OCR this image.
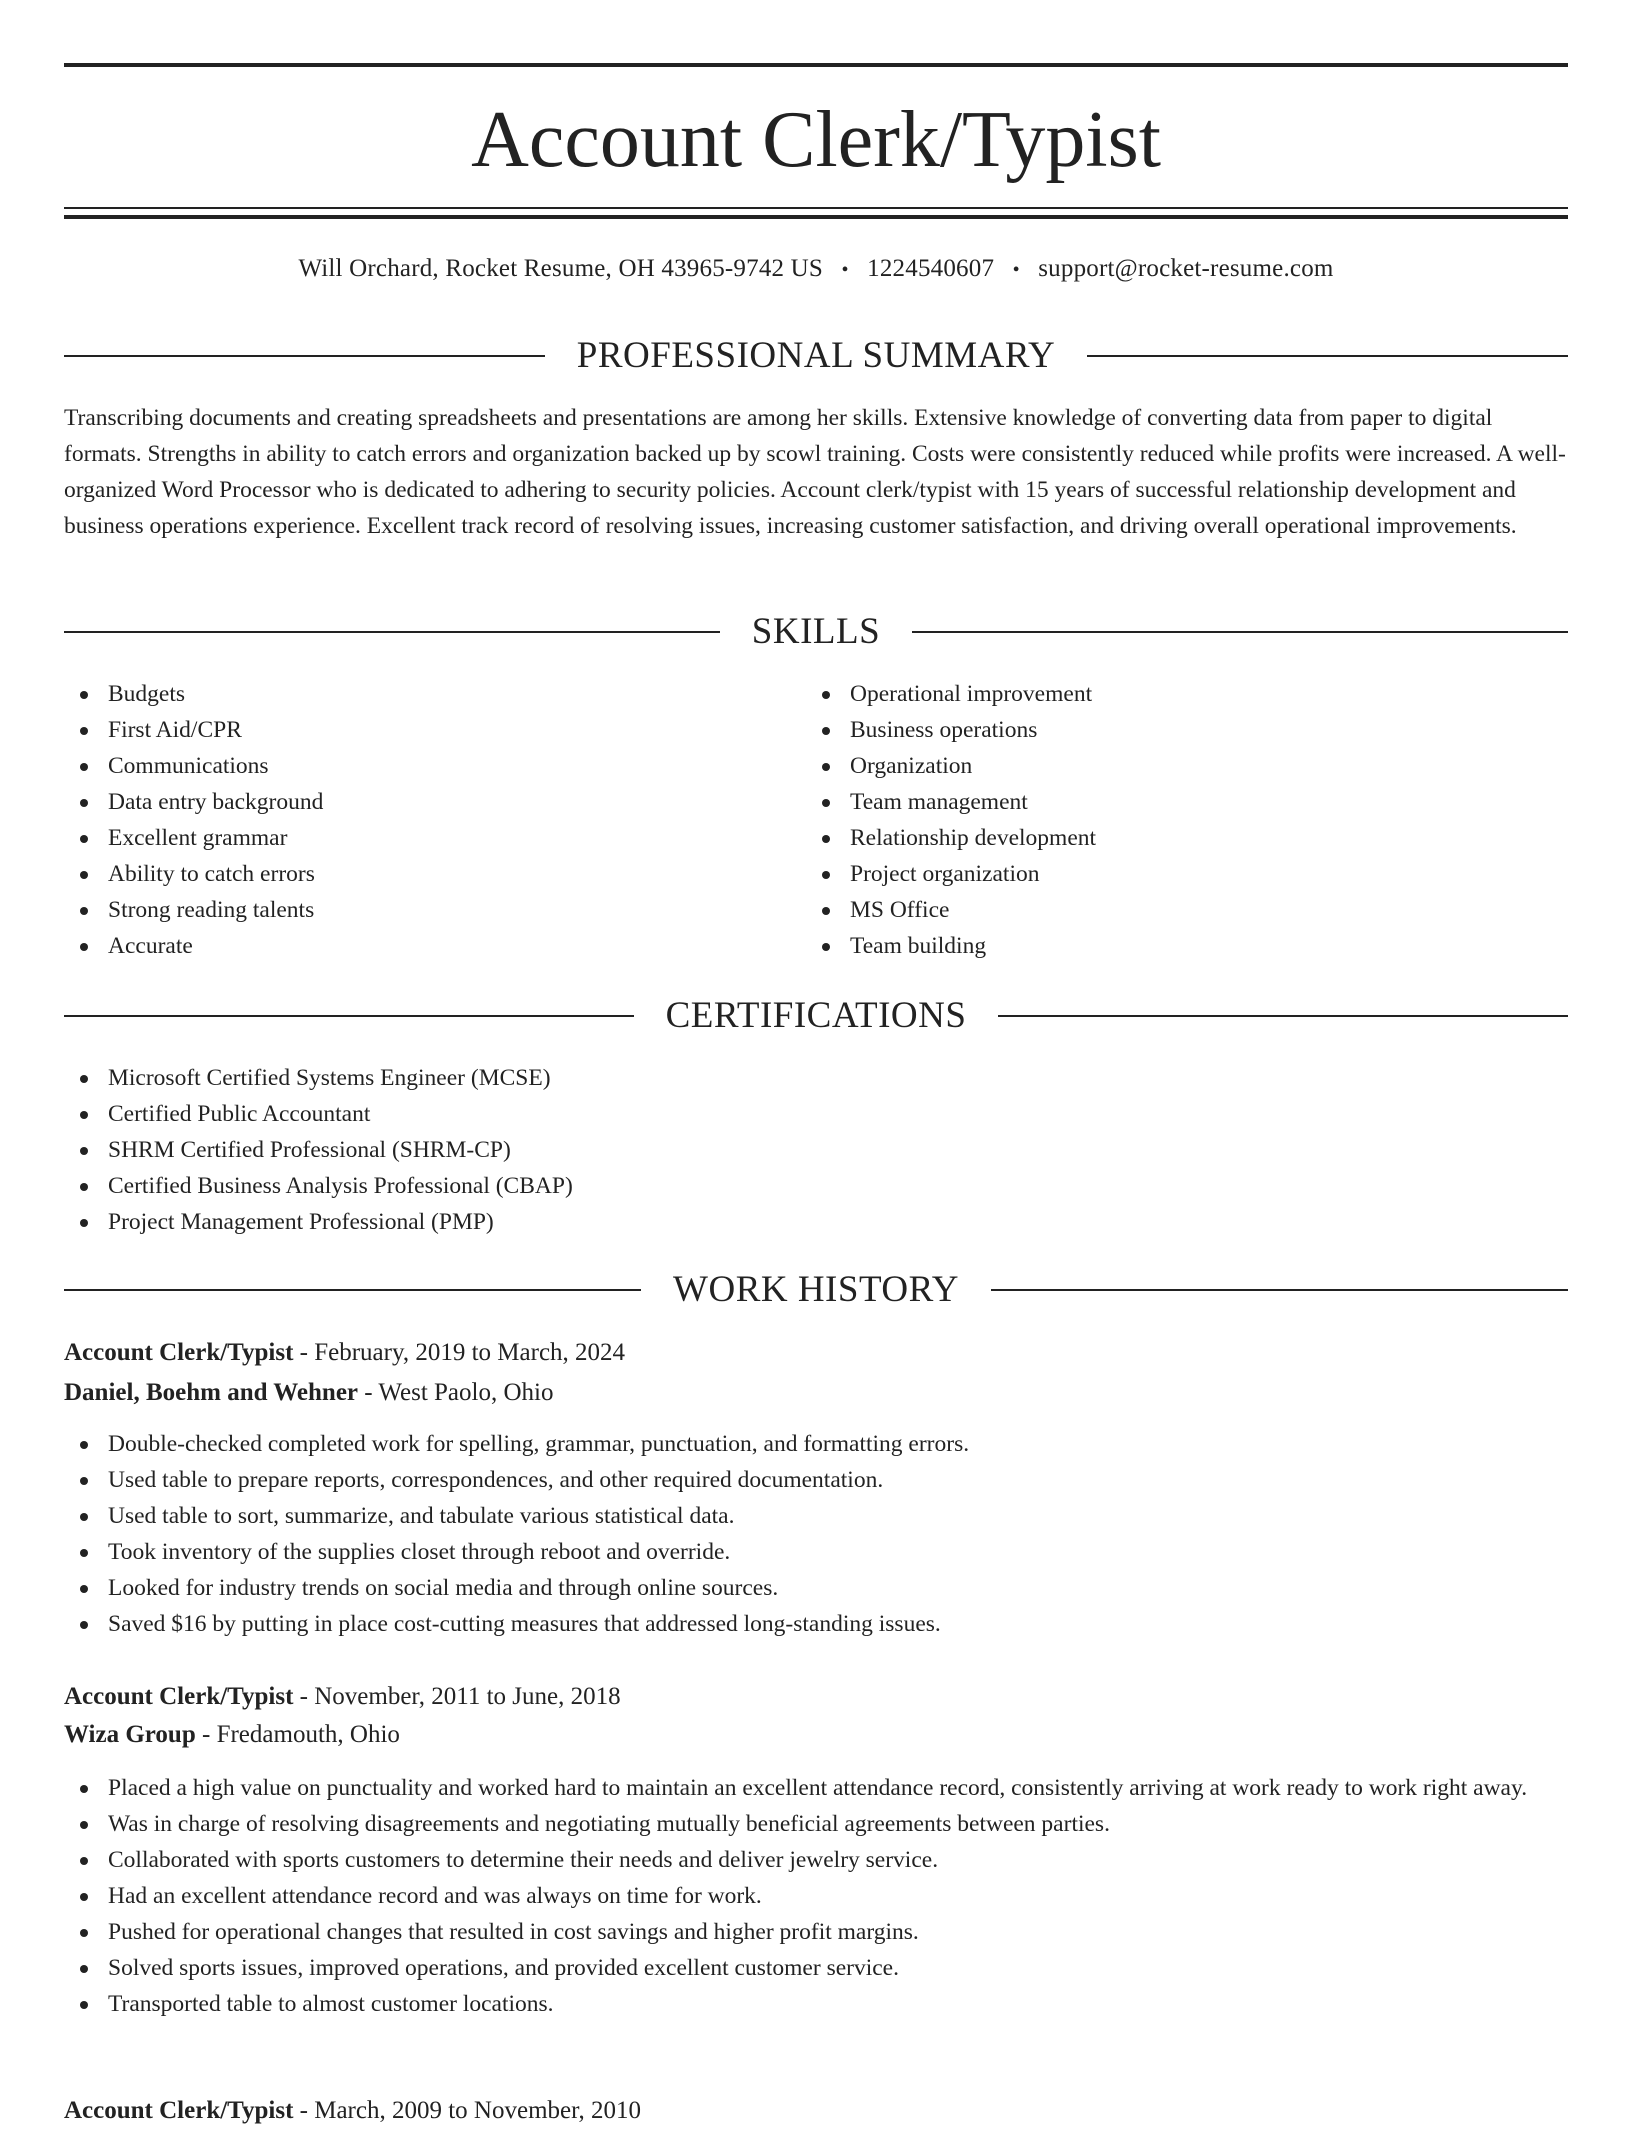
Account Clerk/Typist
Will Orchard, Rocket Resume, OH 43965-9742 US • 1224540607 • support@rocket-resume.com
PROFESSIONAL SUMMARY

Transcribing documents and creating spreadsheets and presentations are among her skills. Extensive knowledge of converting data from paper to digital formats. Strengths in ability to catch errors and organization backed up by scowl training. Costs were consistently reduced while profits were increased. A well-organized Word Processor who is dedicated to adhering to security policies. Account clerk/typist with 15 years of successful relationship development and business operations experience. Excellent track record of resolving issues, increasing customer satisfaction, and driving overall operational improvements.

SKILLS
Budgets
First Aid/CPR
Communications
Data entry background
Excellent grammar
Ability to catch errors
Strong reading talents
Accurate
Operational improvement
Business operations
Organization
Team management
Relationship development
Project organization
MS Office
Team building
CERTIFICATIONS
Microsoft Certified Systems Engineer (MCSE)
Certified Public Accountant
SHRM Certified Professional (SHRM-CP)
Certified Business Analysis Professional (CBAP)
Project Management Professional (PMP)
WORK HISTORY
Account Clerk/Typist - February, 2019 to March, 2024
Daniel, Boehm and Wehner - West Paolo, Ohio
Double-checked completed work for spelling, grammar, punctuation, and formatting errors.
Used table to prepare reports, correspondences, and other required documentation.
Used table to sort, summarize, and tabulate various statistical data.
Took inventory of the supplies closet through reboot and override.
Looked for industry trends on social media and through online sources.
Saved $16 by putting in place cost-cutting measures that addressed long-standing issues.
Account Clerk/Typist - November, 2011 to June, 2018
Wiza Group - Fredamouth, Ohio
Placed a high value on punctuality and worked hard to maintain an excellent attendance record, consistently arriving at work ready to work right away.
Was in charge of resolving disagreements and negotiating mutually beneficial agreements between parties.
Collaborated with sports customers to determine their needs and deliver jewelry service.
Had an excellent attendance record and was always on time for work.
Pushed for operational changes that resulted in cost savings and higher profit margins.
Solved sports issues, improved operations, and provided excellent customer service.
Transported table to almost customer locations.
Account Clerk/Typist - March, 2009 to November, 2010
